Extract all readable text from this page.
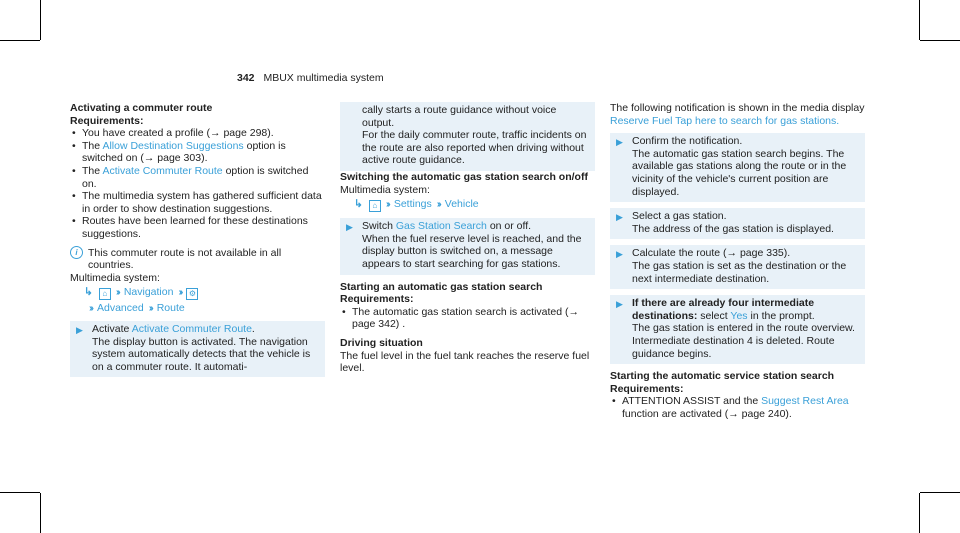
342 MBUX multimedia system
Activating a commuter route

Requirements:

• You have created a profile (→ page 298).
• The Allow Destination Suggestions option is switched on (→ page 303).
• The Activate Commuter Route option is switched on.
• The multimedia system has gathered sufficient data in order to show destination suggestions.
• Routes have been learned for these destinations suggestions.
i This commuter route is not available in all countries.

Multimedia system:

↳ ⌂ ›› Navigation ›› ⚙
›› Advanced ›› Route
▶ Activate Activate Commuter Route.

The display button is activated. The navigation system automatically detects that the vehicle is on a commuter route. It automati-

cally starts a route guidance without voice output.

For the daily commuter route, traffic incidents on the route are also reported when driving without active route guidance.

Switching the automatic gas station search on/off

Multimedia system:

↳ ⌂ ›› Settings ›› Vehicle
▶ Switch Gas Station Search on or off.

When the fuel reserve level is reached, and the display button is switched on, a message appears to start searching for gas stations.

Starting an automatic gas station search

Requirements:

• The automatic gas station search is activated (→ page 342) .
Driving situation

The fuel level in the fuel tank reaches the reserve fuel level.

The following notification is shown in the media display Reserve Fuel Tap here to search for gas stations.

▶ Confirm the notification.

The automatic gas station search begins. The available gas stations along the route or in the vicinity of the vehicle's current position are displayed.

▶ Select a gas station.

The address of the gas station is displayed.

▶ Calculate the route (→ page 335).

The gas station is set as the destination or the next intermediate destination.

▶ If there are already four intermediate destinations: select Yes in the prompt.

The gas station is entered in the route overview. Intermediate destination 4 is deleted. Route guidance begins.

Starting the automatic service station search

Requirements:

• ATTENTION ASSIST and the Suggest Rest Area function are activated (→ page 240).
